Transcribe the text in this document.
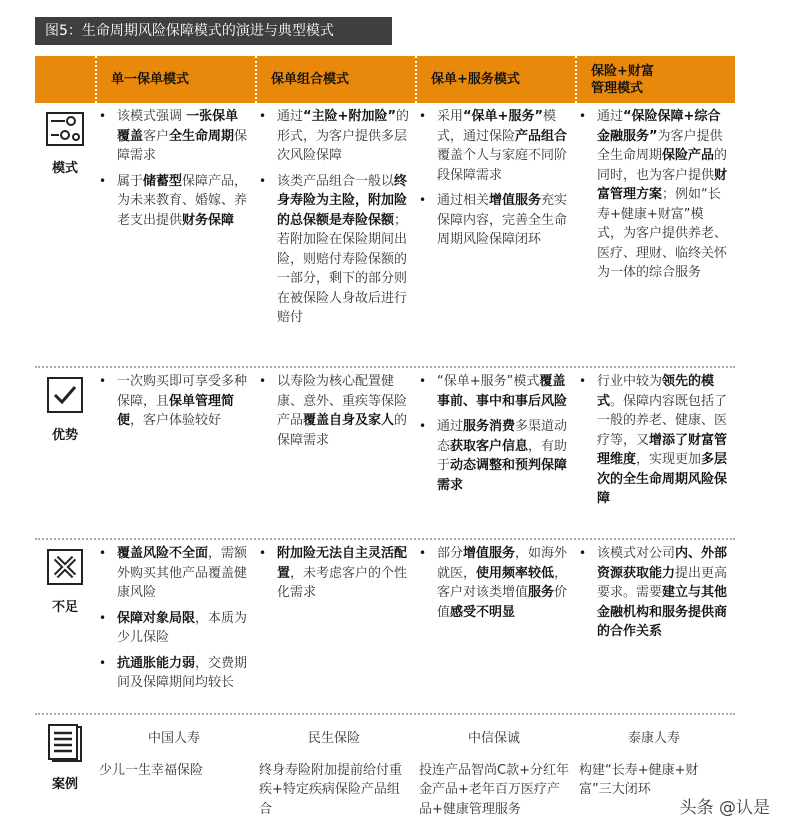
图5：生命周期风险保障模式的演进与典型模式
单一保单模式	保单组合模式	保单+服务模式
保险+财富
管理模式
模式
• 该模式强调 一张保单覆盖客户全生命周期保障需求
• 属于储蓄型保障产品，为未来教育、婚嫁、养老支出提供财务保障
• 通过“主险+附加险”的形式，为客户提供多层次风险保障
• 该类产品组合一般以终身寿险为主险，附加险的总保额是寿险保额；若附加险在保险期间出险，则赔付寿险保额的一部分，剩下的部分则在被保险人身故后进行赔付
• 采用“保单+服务”模式，通过保险产品组合覆盖个人与家庭不同阶段保障需求
• 通过相关增值服务充实保障内容，完善全生命周期风险保障闭环
• 通过“保险保障+综合金融服务”为客户提供全生命周期保险产品的同时，也为客户提供财富管理方案；例如“长寿+健康+财富”模式，为客户提供养老、医疗、理财、临终关怀为一体的综合服务
优势
• 一次购买即可享受多种保障，且保单管理简便，客户体验较好
• 以寿险为核心配置健康、意外、重疾等保险产品覆盖自身及家人的保障需求
• “保单+服务”模式覆盖事前、事中和事后风险
• 通过服务消费多渠道动态获取客户信息，有助于动态调整和预判保障需求
• 行业中较为领先的模式。保障内容既包括了一般的养老、健康、医疗等，又增添了财富管理维度，实现更加多层次的全生命周期风险保障
不足
• 覆盖风险不全面，需额外购买其他产品覆盖健康风险
• 保障对象局限，本质为少儿保险
• 抗通胀能力弱，交费期间及保障期间均较长
• 附加险无法自主灵活配置，未考虑客户的个性化需求
• 部分增值服务，如海外就医，使用频率较低，客户对该类增值服务价值感受不明显
• 该模式对公司内、外部资源获取能力提出更高要求。需要建立与其他金融机构和服务提供商的合作关系
案例
中国人寿
少儿一生幸福保险
民生保险
终身寿险附加提前给付重疾+特定疾病保险产品组合
中信保诚
投连产品智尚C款+分红年金产品+老年百万医疗产品+健康管理服务
泰康人寿
构建“长寿+健康+财富”三大闭环
头条 @认是
